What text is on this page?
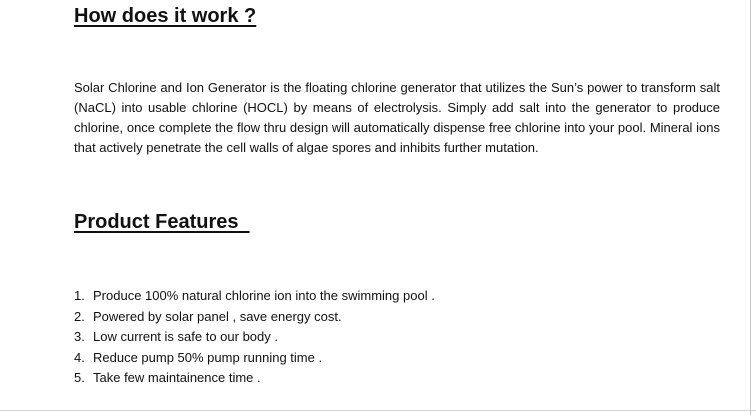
How does it work ?

Solar Chlorine and Ion Generator is the floating chlorine generator that utilizes the Sun’s power to transform salt (NaCL) into usable chlorine (HOCL) by means of electrolysis. Simply add salt into the generator to produce chlorine, once complete the flow thru design will automatically dispense free chlorine into your pool. Mineral ions that actively penetrate the cell walls of algae spores and inhibits further mutation.

Product Features
1. Produce 100% natural chlorine ion into the swimming pool .
2. Powered by solar panel , save energy cost.
3. Low current is safe to our body .
4. Reduce pump 50% pump running time .
5. Take few maintainence time .
